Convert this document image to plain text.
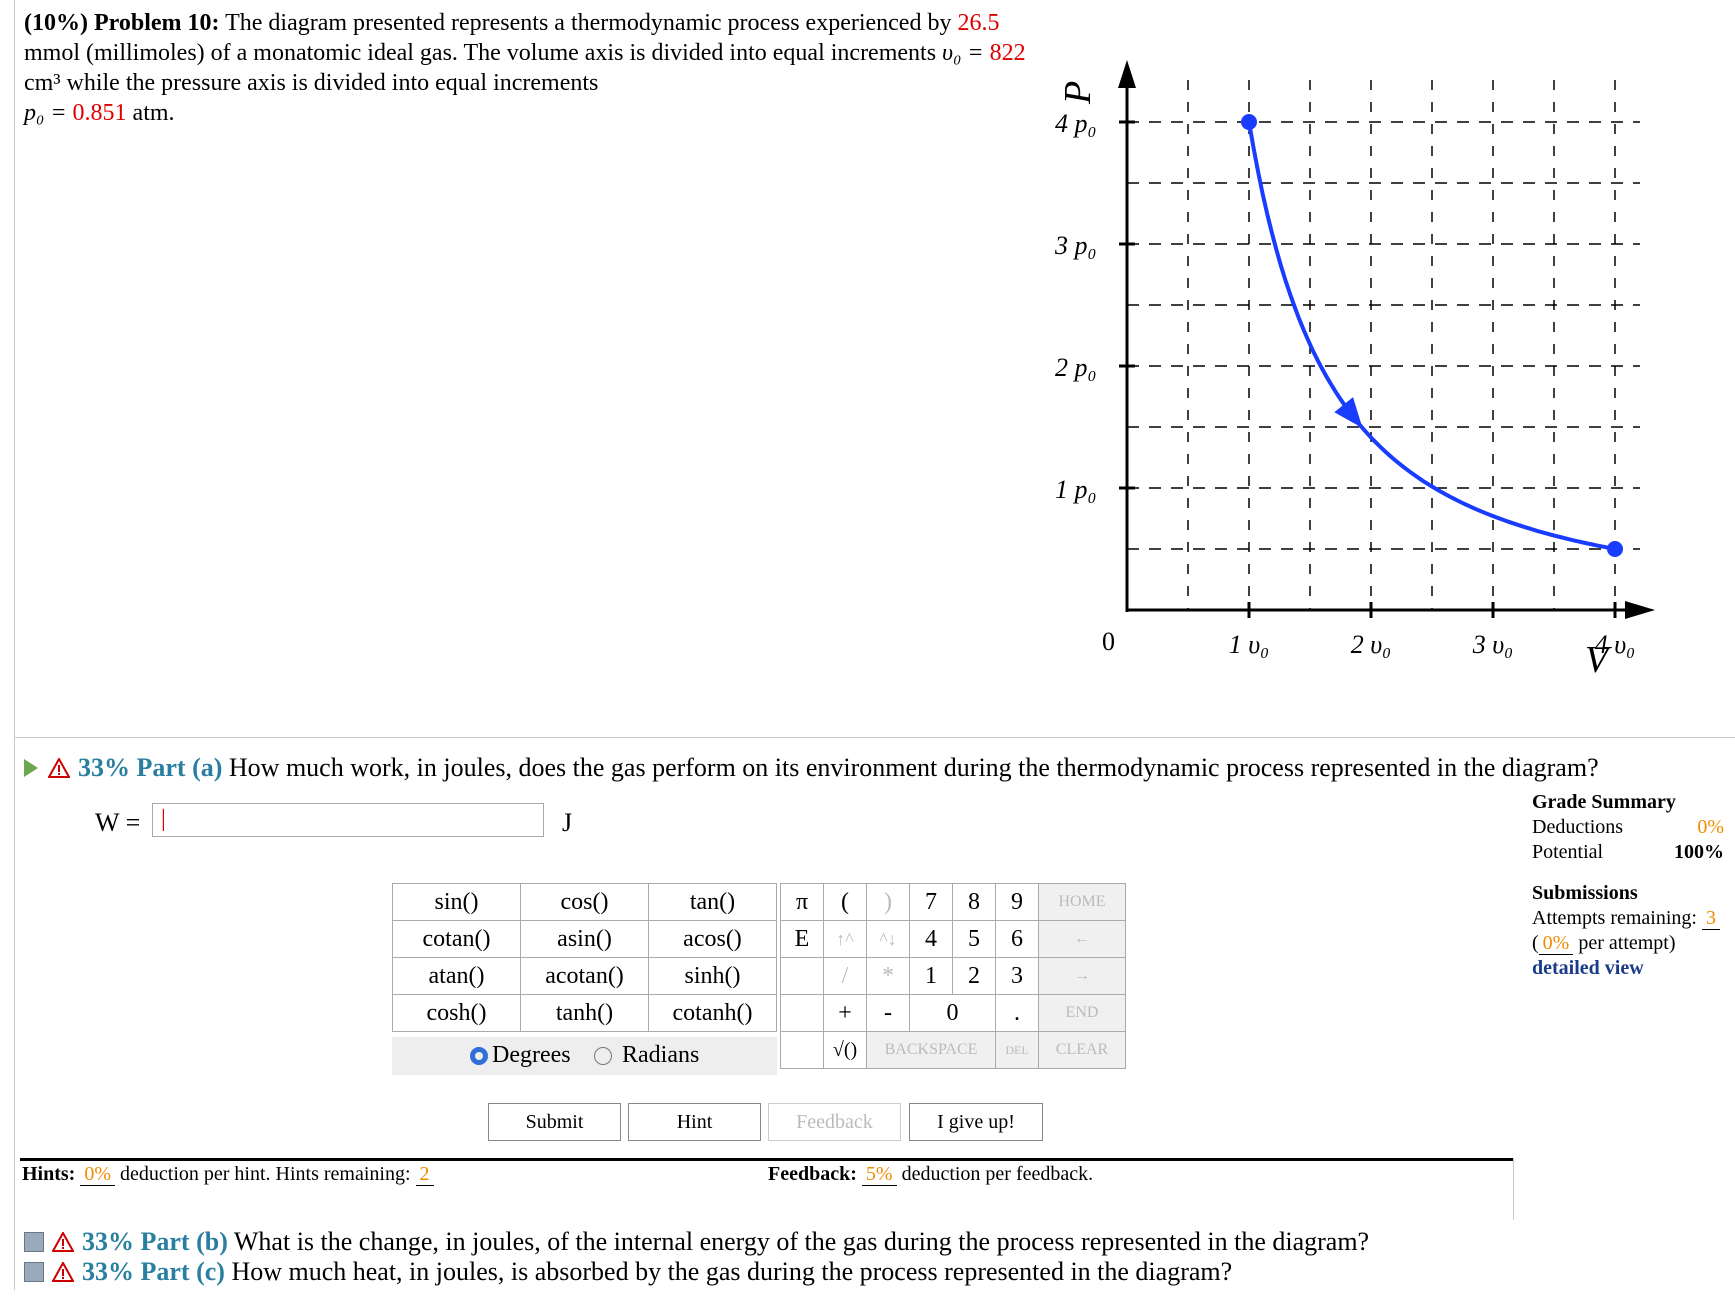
(10%) Problem 10: The diagram presented represents a thermodynamic process experienced by 26.5 mmol (millimoles) of a monatomic ideal gas. The volume axis is divided into equal increments υ₀ = 822 cm³ while the pressure axis is divided into equal increments
p₀ = 0.851 atm.
P
V
0
1 p₀
2 p₀
3 p₀
4 p₀
1 υ₀	2 υ₀	3 υ₀	4 υ₀
33% Part (a) How much work, in joules, does the gas perform on its environment during the thermodynamic process represented in the diagram?
W = |	J
sin()	cos()	tan()
cotan()	asin()	acos()
atan()	acotan()	sinh()
cosh()	tanh()	cotanh()
Degrees	Radians
π	(	)	7	8	9	HOME
E	↑^	^↓	4	5	6	←
	/	*	1	2	3	→
	+	-	0		.	END
	√()	BACKSPACE			DEL	CLEAR
Submit	Hint	Feedback	I give up!
Hints: 0% deduction per hint. Hints remaining: 2	Feedback: 5% deduction per feedback.
Grade Summary
Deductions	0%
Potential	100%
Submissions
Attempts remaining: 3
( 0% per attempt)
detailed view
33% Part (b) What is the change, in joules, of the internal energy of the gas during the process represented in the diagram?
33% Part (c) How much heat, in joules, is absorbed by the gas during the process represented in the diagram?
